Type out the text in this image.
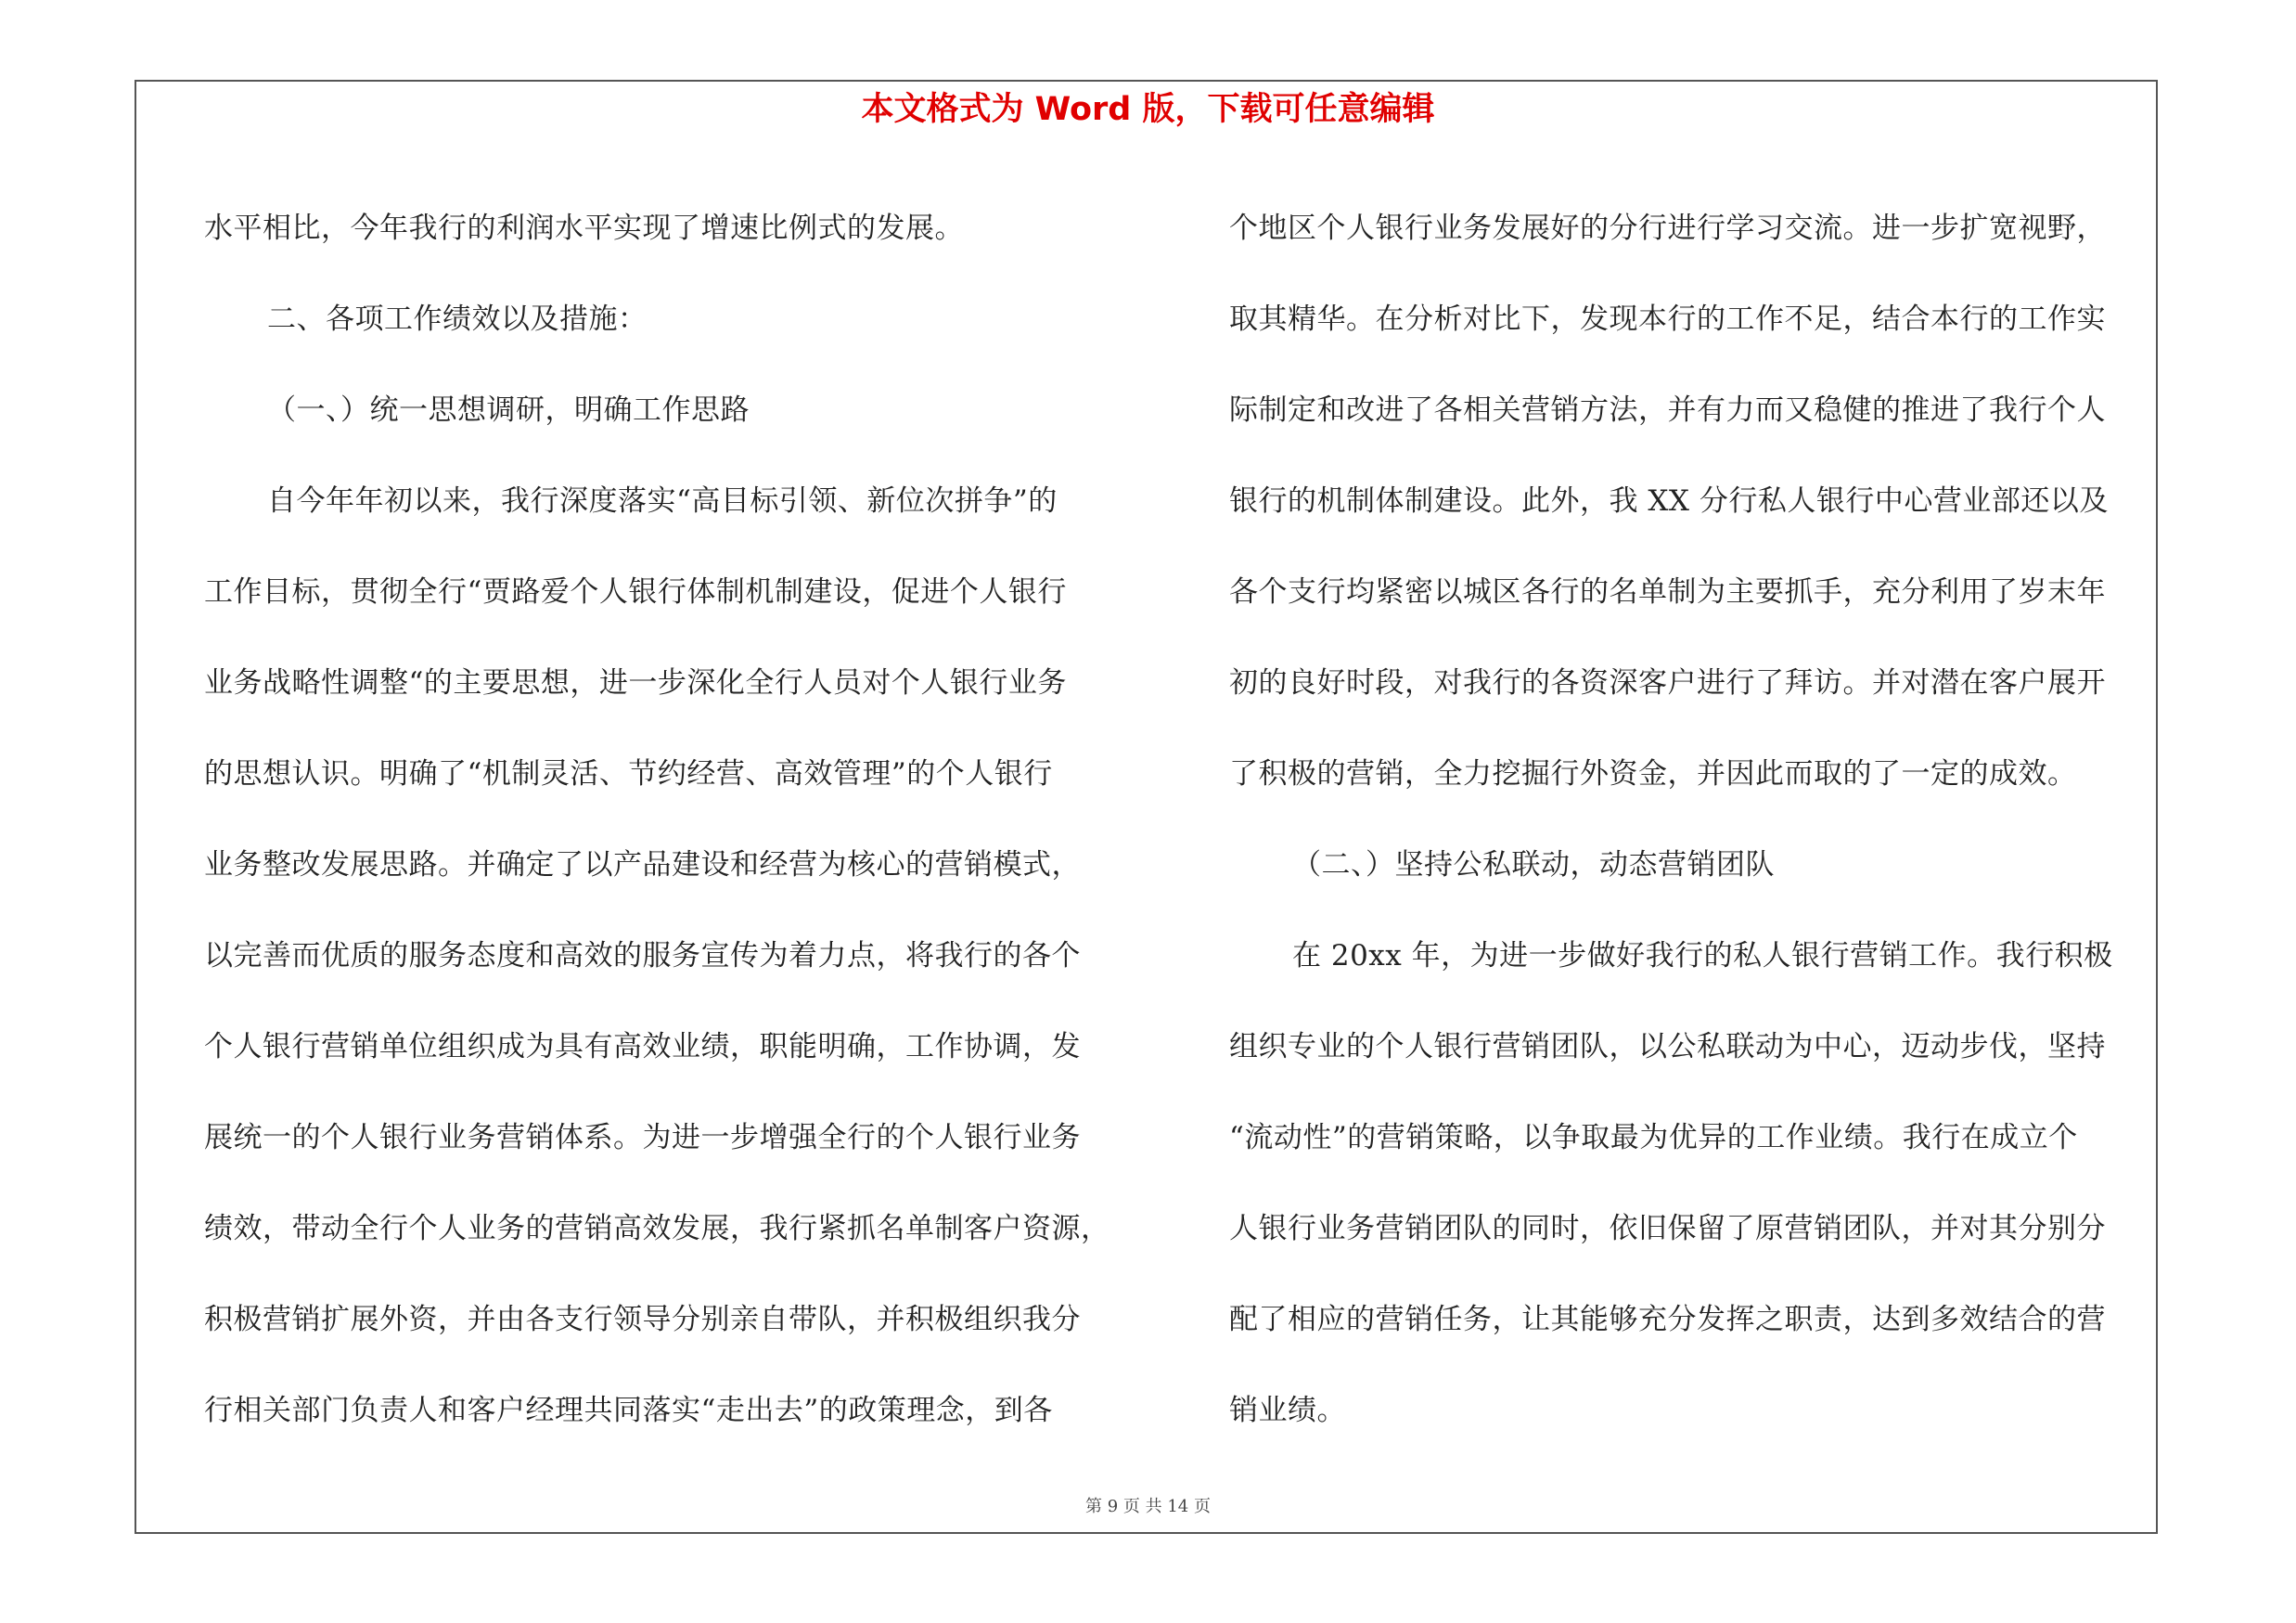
本文格式为 Word 版，下载可任意编辑
水平相比，今年我行的利润水平实现了增速比例式的发展。
二、各项工作绩效以及措施：
（一、）统一思想调研，明确工作思路
自今年年初以来，我行深度落实“高目标引领、新位次拼争”的
工作目标，贯彻全行“贾路爱个人银行体制机制建设，促进个人银行
业务战略性调整“的主要思想，进一步深化全行人员对个人银行业务
的思想认识。明确了“机制灵活、节约经营、高效管理”的个人银行
业务整改发展思路。并确定了以产品建设和经营为核心的营销模式，
以完善而优质的服务态度和高效的服务宣传为着力点，将我行的各个
个人银行营销单位组织成为具有高效业绩，职能明确，工作协调，发
展统一的个人银行业务营销体系。为进一步增强全行的个人银行业务
绩效，带动全行个人业务的营销高效发展，我行紧抓名单制客户资源，
积极营销扩展外资，并由各支行领导分别亲自带队，并积极组织我分
行相关部门负责人和客户经理共同落实“走出去”的政策理念，到各
个地区个人银行业务发展好的分行进行学习交流。进一步扩宽视野，
取其精华。在分析对比下，发现本行的工作不足，结合本行的工作实
际制定和改进了各相关营销方法，并有力而又稳健的推进了我行个人
银行的机制体制建设。此外，我 XX 分行私人银行中心营业部还以及
各个支行均紧密以城区各行的名单制为主要抓手，充分利用了岁末年
初的良好时段，对我行的各资深客户进行了拜访。并对潜在客户展开
了积极的营销，全力挖掘行外资金，并因此而取的了一定的成效。
（二、）坚持公私联动，动态营销团队
在 20xx 年，为进一步做好我行的私人银行营销工作。我行积极
组织专业的个人银行营销团队，以公私联动为中心，迈动步伐，坚持
“流动性”的营销策略，以争取最为优异的工作业绩。我行在成立个
人银行业务营销团队的同时，依旧保留了原营销团队，并对其分别分
配了相应的营销任务，让其能够充分发挥之职责，达到多效结合的营
销业绩。
第 9 页 共 14 页
